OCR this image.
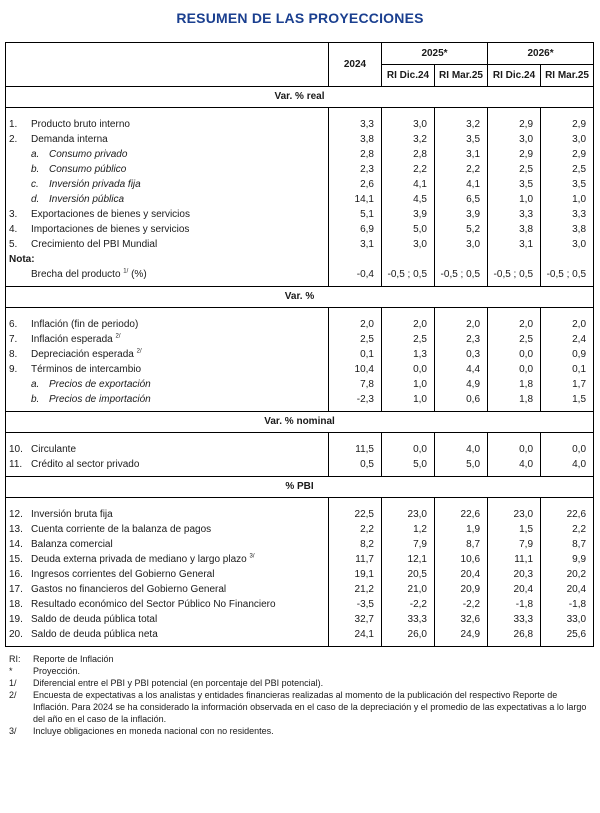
RESUMEN DE LAS PROYECCIONES
	2024	2025*		2026*	
		RI Dic.24	RI Mar.25	RI Dic.24	RI Mar.25
Var. % real					

1. Producto bruto interno	3,3	3,0	3,2	2,9	2,9
2. Demanda interna	3,8	3,2	3,5	3,0	3,0
a. Consumo privado	2,8	2,8	3,1	2,9	2,9
b. Consumo público	2,3	2,2	2,2	2,5	2,5
c. Inversión privada fija	2,6	4,1	4,1	3,5	3,5
d. Inversión pública	14,1	4,5	6,5	1,0	1,0
3. Exportaciones de bienes y servicios	5,1	3,9	3,9	3,3	3,3
4. Importaciones de bienes y servicios	6,9	5,0	5,2	3,8	3,8
5. Crecimiento del PBI Mundial	3,1	3,0	3,0	3,1	3,0
Nota:					
Brecha del producto $^{1/}$ (%)	-0,4	-0,5 ; 0,5	-0,5 ; 0,5	-0,5 ; 0,5	-0,5 ; 0,5

Var. %					

6. Inflación (fin de periodo)	2,0	2,0	2,0	2,0	2,0
7. Inflación esperada $^{2/}$	2,5	2,5	2,3	2,5	2,4
8. Depreciación esperada $^{2/}$	0,1	1,3	0,3	0,0	0,9
9. Términos de intercambio	10,4	0,0	4,4	0,0	0,1
a. Precios de exportación	7,8	1,0	4,9	1,8	1,7
b. Precios de importación	-2,3	1,0	0,6	1,8	1,5

Var. % nominal					

10. Circulante	11,5	0,0	4,0	0,0	0,0
11. Crédito al sector privado	0,5	5,0	5,0	4,0	4,0

% PBI					

12. Inversión bruta fija	22,5	23,0	22,6	23,0	22,6
13. Cuenta corriente de la balanza de pagos	2,2	1,2	1,9	1,5	2,2
14. Balanza comercial	8,2	7,9	8,7	7,9	8,7
15. Deuda externa privada de mediano y largo plazo $^{3/}$	11,7	12,1	10,6	11,1	9,9
16. Ingresos corrientes del Gobierno General	19,1	20,5	20,4	20,3	20,2
17. Gastos no financieros del Gobierno General	21,2	21,0	20,9	20,4	20,4
18. Resultado económico del Sector Público No Financiero	-3,5	-2,2	-2,2	-1,8	-1,8
19. Saldo de deuda pública total	32,7	33,3	32,6	33,3	33,0
20. Saldo de deuda pública neta	24,1	26,0	24,9	26,8	25,6

RI:	Reporte de Inflación
*	Proyección.
1/	Diferencial entre el PBI y PBI potencial (en porcentaje del PBI potencial).
2/	Encuesta de expectativas a los analistas y entidades financieras realizadas al momento de la publicación del respectivo Reporte de Inflación. Para 2024 se ha considerado la información observada en el caso de la depreciación y el promedio de las expectativas a lo largo del año en el caso de la inflación.
3/	Incluye obligaciones en moneda nacional con no residentes.
